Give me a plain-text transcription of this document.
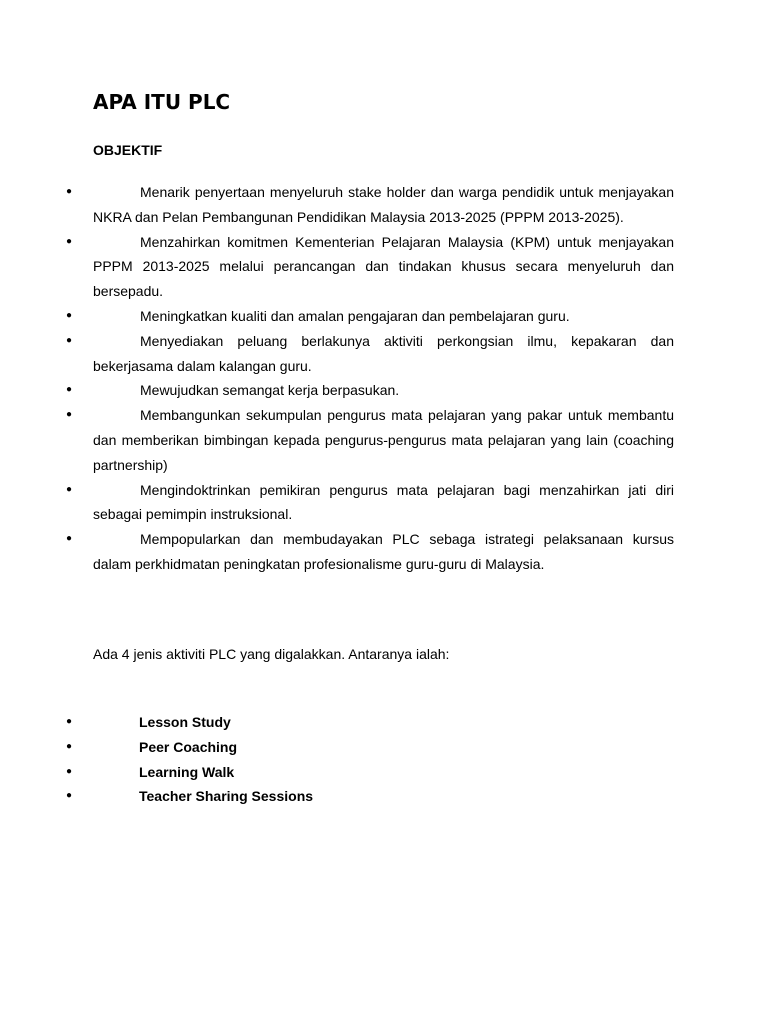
APA ITU PLC
OBJEKTIF
●	Menarik penyertaan menyeluruh stake holder dan warga pendidik untuk menjayakan NKRA dan Pelan Pembangunan Pendidikan Malaysia 2013-2025 (PPPM 2013-2025).
●	Menzahirkan komitmen Kementerian Pelajaran Malaysia (KPM) untuk menjayakan PPPM 2013-2025 melalui perancangan dan tindakan khusus secara menyeluruh dan bersepadu.
●	Meningkatkan kualiti dan amalan pengajaran dan pembelajaran guru.
●	Menyediakan peluang berlakunya aktiviti perkongsian ilmu, kepakaran dan bekerjasama dalam kalangan guru.
●	Mewujudkan semangat kerja berpasukan.
●	Membangunkan sekumpulan pengurus mata pelajaran yang pakar untuk membantu dan memberikan bimbingan kepada pengurus-pengurus mata pelajaran yang lain (coaching partnership)
●	Mengindoktrinkan pemikiran pengurus mata pelajaran bagi menzahirkan jati diri sebagai pemimpin instruksional.
●	Mempopularkan dan membudayakan PLC sebaga istrategi pelaksanaan kursus dalam perkhidmatan peningkatan profesionalisme guru-guru di Malaysia.

Ada 4 jenis aktiviti PLC yang digalakkan. Antaranya ialah:

●	Lesson Study
●	Peer Coaching
●	Learning Walk
●	Teacher Sharing Sessions
